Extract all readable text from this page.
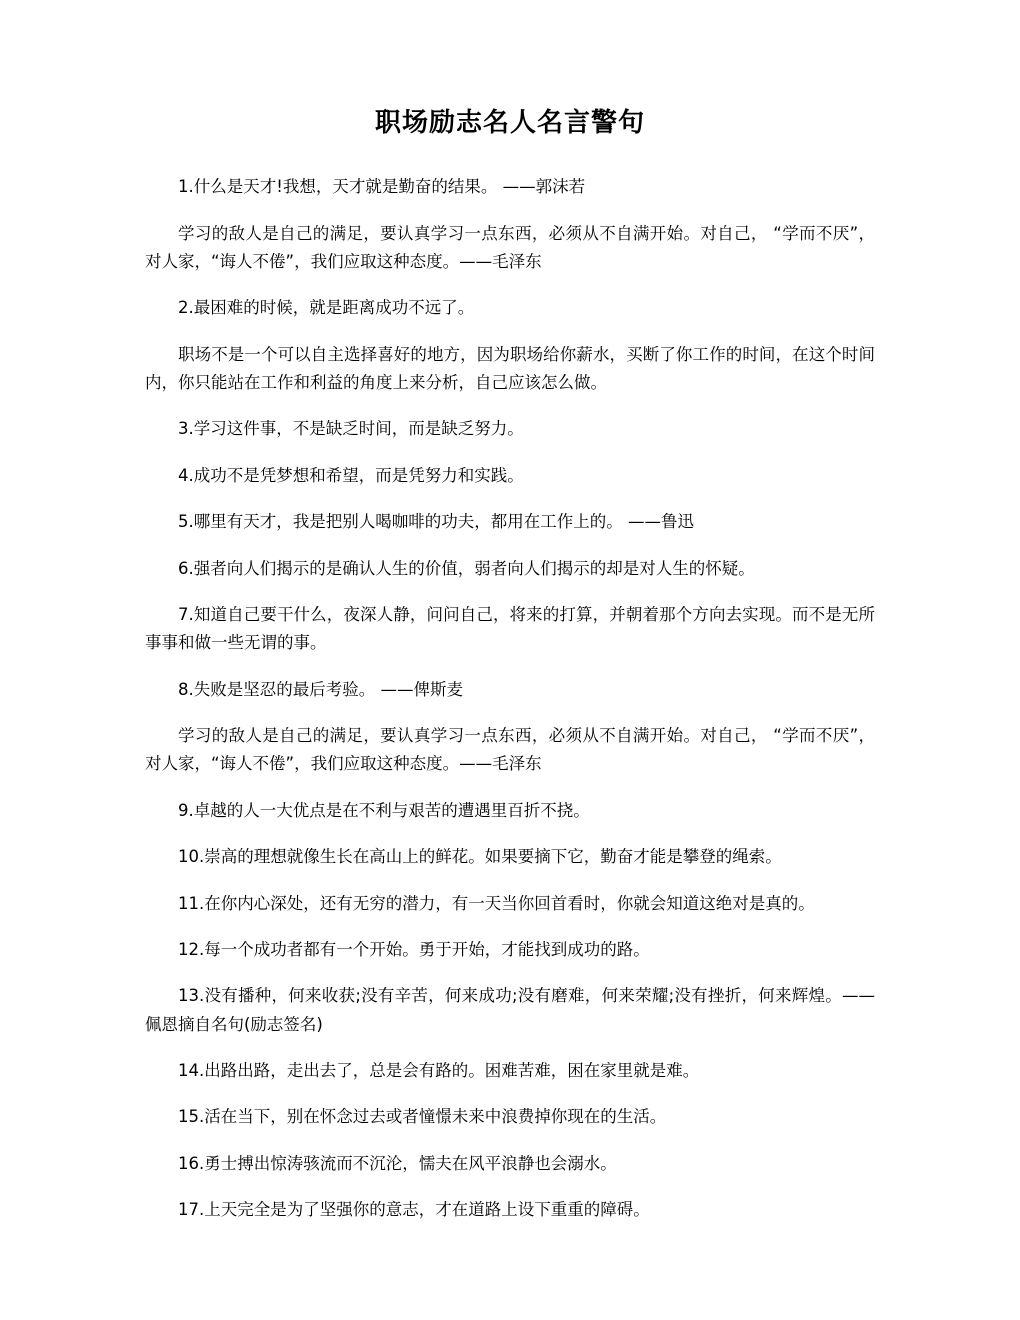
职场励志名人名言警句

1.什么是天才!我想，天才就是勤奋的结果。 ——郭沫若

学习的敌人是自己的满足，要认真学习一点东西，必须从不自满开始。对自己， “学而不厌”，对人家，“诲人不倦”，我们应取这种态度。——毛泽东

2.最困难的时候，就是距离成功不远了。

职场不是一个可以自主选择喜好的地方，因为职场给你薪水，买断了你工作的时间，在这个时间内，你只能站在工作和利益的角度上来分析，自己应该怎么做。

3.学习这件事，不是缺乏时间，而是缺乏努力。

4.成功不是凭梦想和希望，而是凭努力和实践。

5.哪里有天才，我是把别人喝咖啡的功夫，都用在工作上的。 ——鲁迅

6.强者向人们揭示的是确认人生的价值，弱者向人们揭示的却是对人生的怀疑。

7.知道自己要干什么，夜深人静，问问自己，将来的打算，并朝着那个方向去实现。而不是无所事事和做一些无谓的事。

8.失败是坚忍的最后考验。 ——俾斯麦

学习的敌人是自己的满足，要认真学习一点东西，必须从不自满开始。对自己， “学而不厌”，对人家，“诲人不倦”，我们应取这种态度。——毛泽东

9.卓越的人一大优点是在不利与艰苦的遭遇里百折不挠。

10.崇高的理想就像生长在高山上的鲜花。如果要摘下它，勤奋才能是攀登的绳索。

11.在你内心深处，还有无穷的潜力，有一天当你回首看时，你就会知道这绝对是真的。

12.每一个成功者都有一个开始。勇于开始，才能找到成功的路。

13.没有播种，何来收获;没有辛苦，何来成功;没有磨难，何来荣耀;没有挫折，何来辉煌。——佩恩摘自名句(励志签名)

14.出路出路，走出去了，总是会有路的。困难苦难，困在家里就是难。

15.活在当下，别在怀念过去或者憧憬未来中浪费掉你现在的生活。

16.勇士搏出惊涛骇流而不沉沦，懦夫在风平浪静也会溺水。

17.上天完全是为了坚强你的意志，才在道路上设下重重的障碍。
